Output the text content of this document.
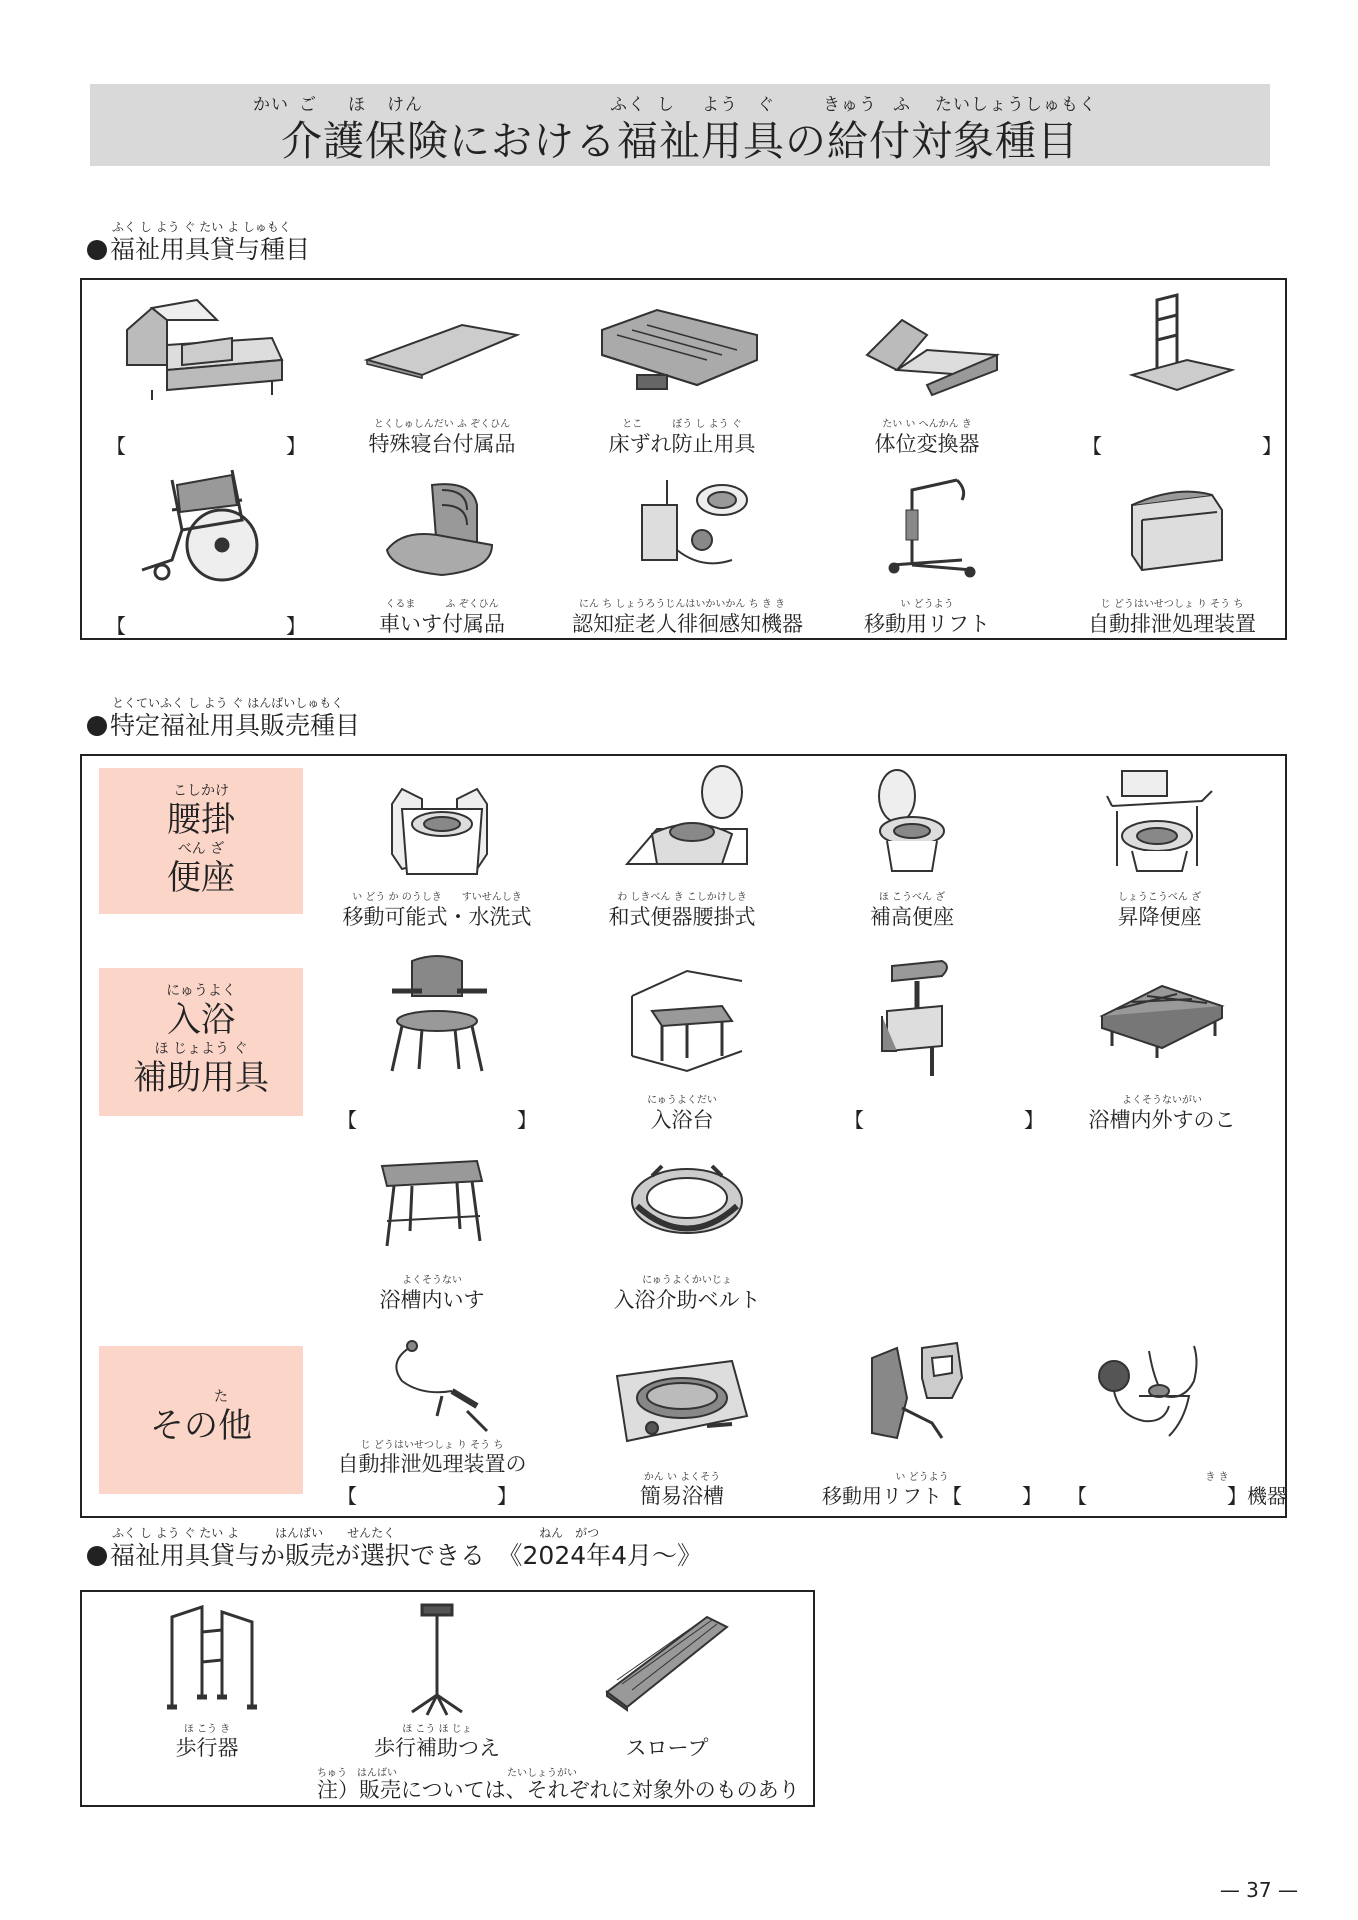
かい ご ほ けん	ふく し よう ぐ	きゅう ふ たいしょうしゅもく
介護保険における福祉用具の給付対象種目
ふく し よう ぐ たい よ しゅもく
福祉用具貸与種目
【　　　　　　　　】
とくしゅしんだい ふ ぞくひん
特殊寝台付属品
とこ　　　ぼう し よう ぐ
床ずれ防止用具
たい い へんかん き
体位変換器	【　　　　　　　　】
【　　　　　　　　】
くるま　　　ふ ぞくひん
車いす付属品
にん ち しょうろうじんはいかいかん ち き き
認知症老人徘徊感知機器
い どうよう
移動用リフト
じ どうはいせつしょ り そう ち
自動排泄処理装置
とくていふく し よう ぐ はんばいしゅもく
特定福祉用具販売種目
こしかけ
腰掛
べん ざ
便座	い どう か のうしき　　すいせんしき
移動可能式・水洗式
わ しきべん き こしかけしき
和式便器腰掛式
ほ こうべん ざ
補高便座
しょうこうべん ざ
昇降便座
にゅうよく
入浴
ほ じょよう ぐ
補助用具
【　　　　　　　　】
にゅうよくだい
入浴台	【　　　　　　　　】
よくそうないがい
浴槽内外すのこ
よくそうない
浴槽内いす
にゅうよくかいじょ
入浴介助ベルト
た
その他	じ どうはいせつしょ り そう ち
自動排泄処理装置の
【　　　　　　　】
かん い よくそう
簡易浴槽
い どうよう
移動用リフト【　　　】
き き
【　　　　　　　】機器
ふく し よう ぐ たい よ　　　はんばい　　せんたく　　　　　　　　　　　　ねん　がつ
福祉用具貸与か販売が選択できる　《2024年4月〜》
ほ こう き
歩行器
ほ こう ほ じょ
歩行補助つえ	スロープ
ちゅう　はんばい　　　　　　　　　　　たいしょうがい
注）販売については、それぞれに対象外のものあり
— 37 —
